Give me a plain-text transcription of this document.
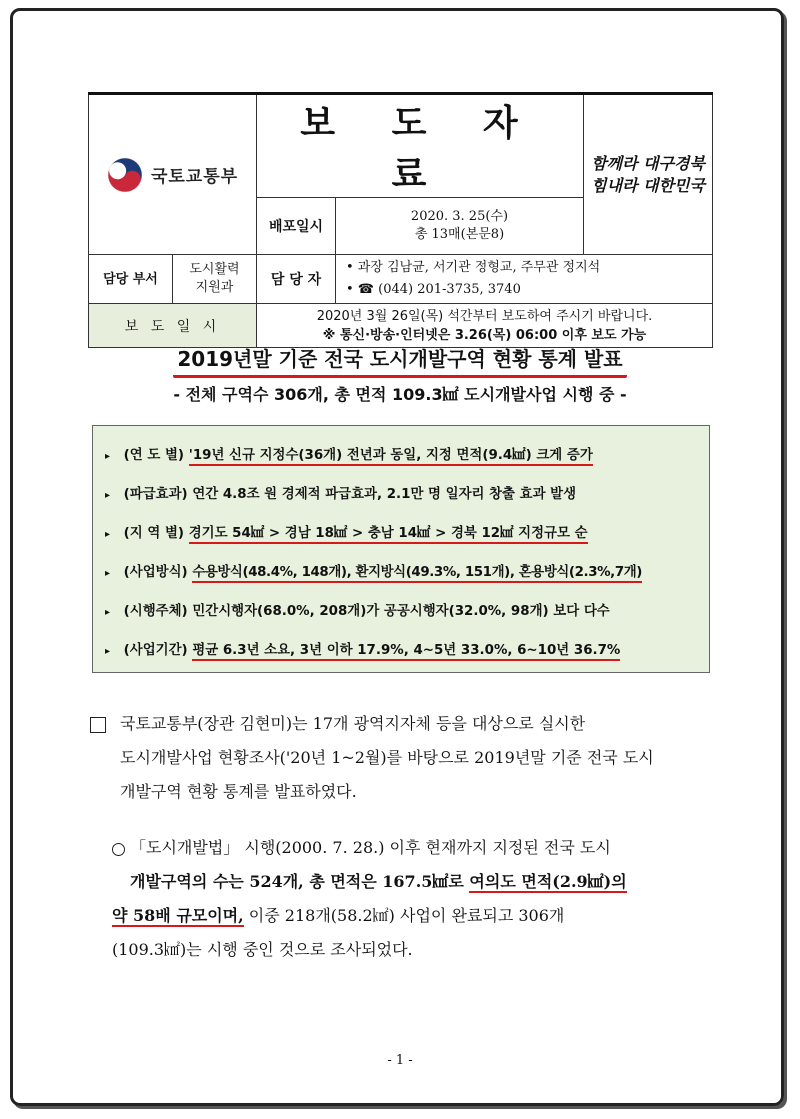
국토교통부		보 도 자 료		함께라 대구경북
힘내라 대한민국

		배포일시	2020. 3. 25(수)
총 13매(본문8)	

담당 부서	도시활력 지원과	담 당 자	• 과장 김남균, 서기관 정형교, 주무관 정지석
• ☎ (044) 201-3735, 3740	

보 도 일 시		2020년 3월 26일(목) 석간부터 보도하여 주시기 바랍니다.
※ 통신·방송·인터넷은 3.26(목) 06:00 이후 보도 가능		
2019년말 기준 전국 도시개발구역 현황 통계 발표
- 전체 구역수 306개, 총 면적 109.3㎢ 도시개발사업 시행 중 -
▸ (연 도 별) '19년 신규 지정수(36개) 전년과 동일, 지정 면적(9.4㎢) 크게 증가
▸ (파급효과) 연간 4.8조 원 경제적 파급효과, 2.1만 명 일자리 창출 효과 발생
▸ (지 역 별) 경기도 54㎢ > 경남 18㎢ > 충남 14㎢ > 경북 12㎢ 지정규모 순
▸ (사업방식) 수용방식(48.4%, 148개), 환지방식(49.3%, 151개), 혼용방식(2.3%,7개)
▸ (시행주체) 민간시행자(68.0%, 208개)가 공공시행자(32.0%, 98개) 보다 다수
▸ (사업기간) 평균 6.3년 소요, 3년 이하 17.9%, 4~5년 33.0%, 6~10년 36.7%
국토교통부(장관 김현미)는 17개 광역지자체 등을 대상으로 실시한
도시개발사업 현황조사('20년 1~2월)를 바탕으로 2019년말 기준 전국 도시
개발구역 현황 통계를 발표하였다.
「도시개발법」 시행(2000. 7. 28.) 이후 현재까지 지정된 전국 도시
개발구역의 수는 524개, 총 면적은 167.5㎢로 여의도 면적(2.9㎢)의
약 58배 규모이며, 이중 218개(58.2㎢) 사업이 완료되고 306개
(109.3㎢)는 시행 중인 것으로 조사되었다.
- 1 -
